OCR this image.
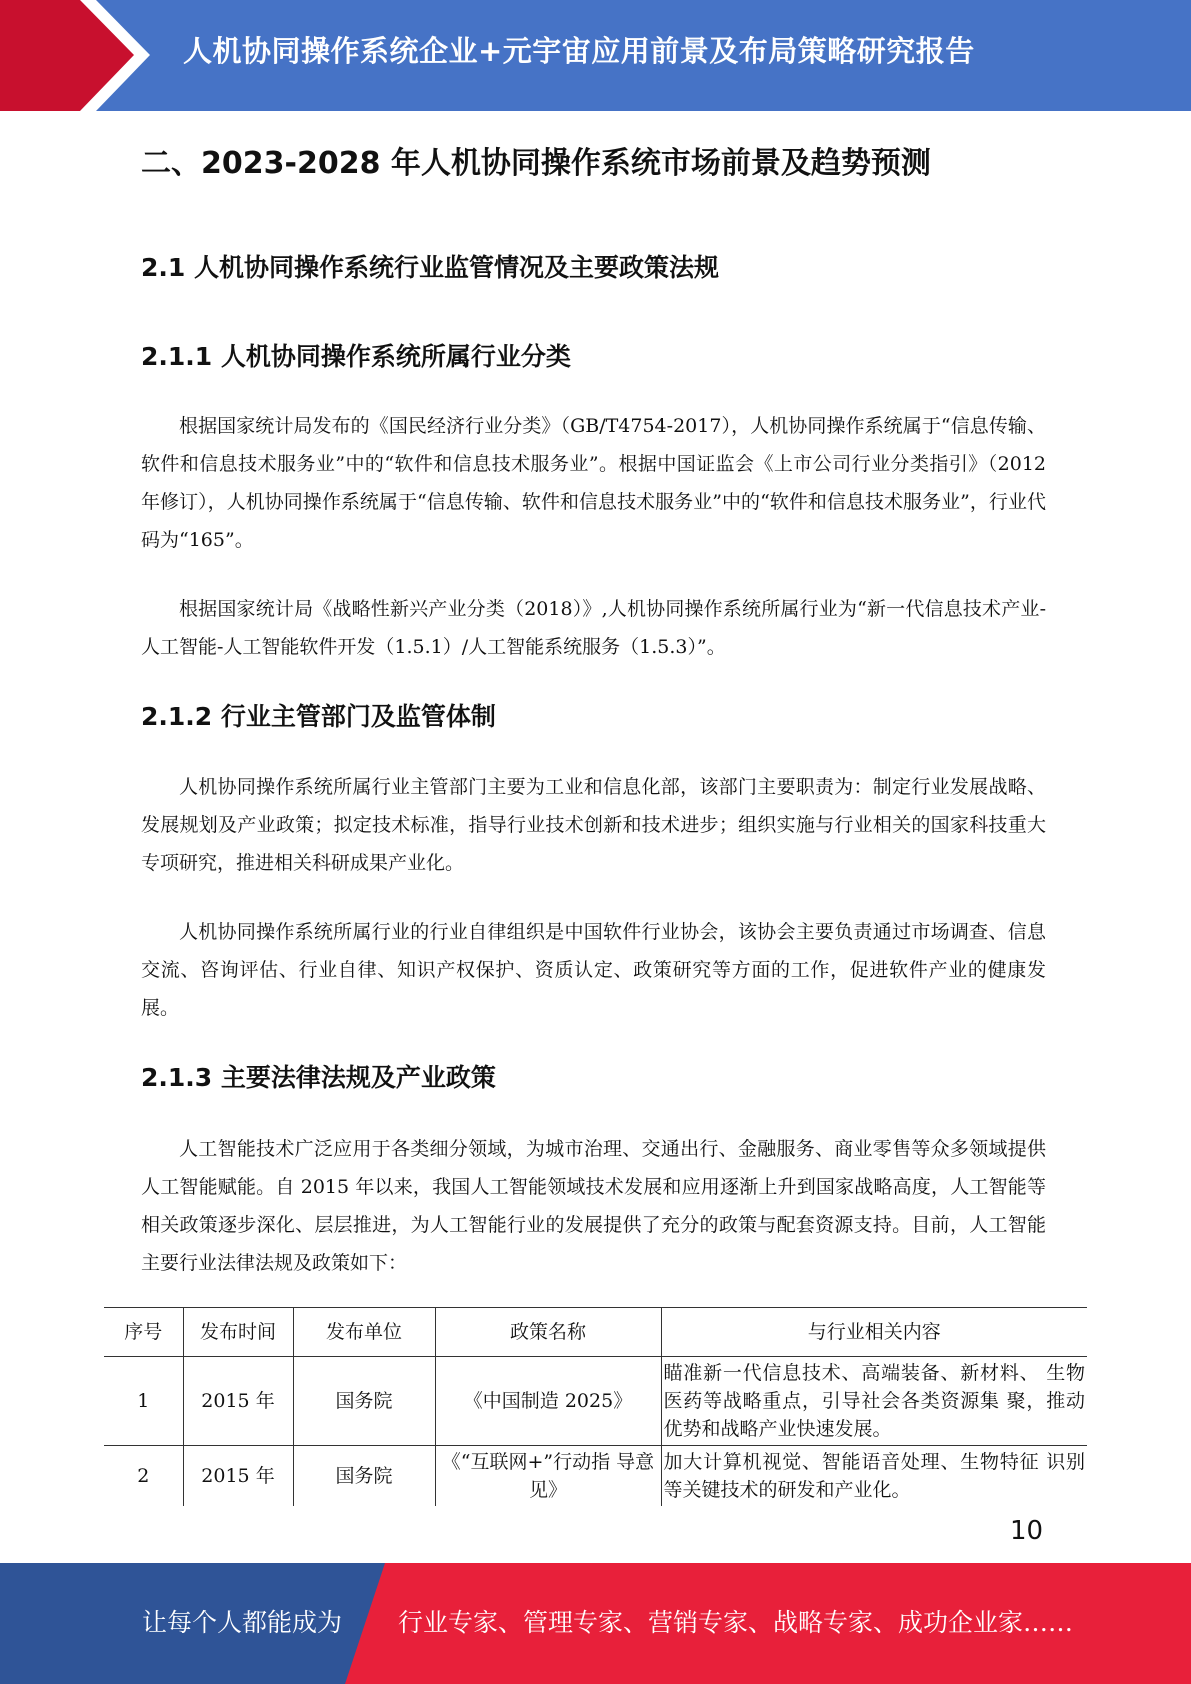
人机协同操作系统企业+元宇宙应用前景及布局策略研究报告
二、2023-2028 年人机协同操作系统市场前景及趋势预测
2.1 人机协同操作系统行业监管情况及主要政策法规
2.1.1 人机协同操作系统所属行业分类

根据国家统计局发布的《国民经济行业分类》（GB/T4754-2017），人机协同操作系统属于“信息传输、软件和信息技术服务业”中的“软件和信息技术服务业”。根据中国证监会《上市公司行业分类指引》（2012 年修订），人机协同操作系统属于“信息传输、软件和信息技术服务业”中的“软件和信息技术服务业”，行业代码为“165”。

根据国家统计局《战略性新兴产业分类（2018）》,人机协同操作系统所属行业为“新一代信息技术产业-人工智能-人工智能软件开发（1.5.1）/人工智能系统服务（1.5.3）”。

2.1.2 行业主管部门及监管体制

人机协同操作系统所属行业主管部门主要为工业和信息化部，该部门主要职责为：制定行业发展战略、发展规划及产业政策；拟定技术标准，指导行业技术创新和技术进步；组织实施与行业相关的国家科技重大专项研究，推进相关科研成果产业化。

人机协同操作系统所属行业的行业自律组织是中国软件行业协会，该协会主要负责通过市场调查、信息交流、咨询评估、行业自律、知识产权保护、资质认定、政策研究等方面的工作，促进软件产业的健康发展。

2.1.3 主要法律法规及产业政策

人工智能技术广泛应用于各类细分领域，为城市治理、交通出行、金融服务、商业零售等众多领域提供人工智能赋能。自 2015 年以来，我国人工智能领域技术发展和应用逐渐上升到国家战略高度，人工智能等相关政策逐步深化、层层推进，为人工智能行业的发展提供了充分的政策与配套资源支持。目前，人工智能主要行业法律法规及政策如下：

序号	发布时间	发布单位	政策名称	与行业相关内容
1	2015 年	国务院	《中国制造 2025》	瞄准新一代信息技术、高端装备、新材料、 生物医药等战略重点，引导社会各类资源集 聚，推动优势和战略产业快速发展。
2	2015 年	国务院	《“互联网+”行动指 导意见》	加大计算机视觉、智能语音处理、生物特征 识别等关键技术的研发和产业化。
10
让每个人都能成为 行业专家、管理专家、营销专家、战略专家、成功企业家……
